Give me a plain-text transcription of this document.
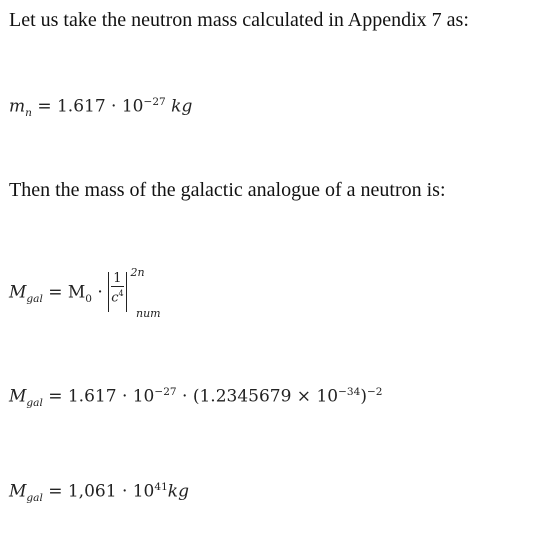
Let us take the neutron mass calculated in Appendix 7 as:
$m_n = 1.617 \cdot 10^{-27}$ kg
Then the mass of the galactic analogue of a neutron is:
$M_{gal} = M_0 \cdot \frac{1}{c^4} 2n$
num
$M_{gal} = 1.617 \cdot 10^{-27} \cdot (1.2345679 \times 10^{-34})^{-2}$
$M_{gal} = 1,061 \cdot 10^{41}kg$
